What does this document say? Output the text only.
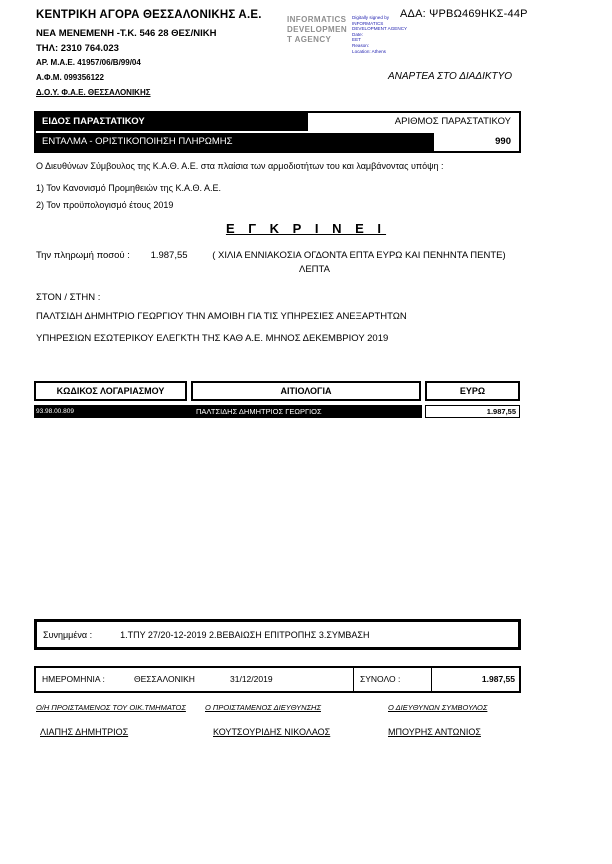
ΚΕΝΤΡΙΚΗ ΑΓΟΡΑ ΘΕΣΣΑΛΟΝΙΚΗΣ Α.Ε.
ΝΕΑ ΜΕΝΕΜΕΝΗ -Τ.Κ. 546 28 ΘΕΣ/ΝΙΚΗ
ΤΗΛ: 2310 764.023
ΑΡ. Μ.Α.Ε. 41957/06/Β/99/04
Α.Φ.Μ. 099356122
Δ.Ο.Υ. Φ.Α.Ε. ΘΕΣΣΑΛΟΝΙΚΗΣ
INFORMATICS
DEVELOPMEN
T AGENCY
Digitally signed by
INFORMATICS
DEVELOPMENT AGENCY
Date:
EET
Reason:
Location: Athens
ΑΔΑ: ΨΡΒΩ469ΗΚΣ-44Ρ
ΑΝΑΡΤΕΑ ΣΤΟ ΔΙΑΔΙΚΤΥΟ
ΕΙΔΟΣ ΠΑΡΑΣΤΑΤΙΚΟΥ	ΑΡΙΘΜΟΣ ΠΑΡΑΣΤΑΤΙΚΟΥ
ΕΝΤΑΛΜΑ - ΟΡΙΣΤΙΚΟΠΟΙΗΣΗ ΠΛΗΡΩΜΗΣ	990
Ο Διευθύνων Σύμβουλος της Κ.Α.Θ. Α.Ε. στα πλαίσια των αρμοδιοτήτων του και λαμβάνοντας υπόψη :
1) Τον Κανονισμό Προμηθειών της Κ.Α.Θ. Α.Ε.
2) Τον προϋπολογισμό έτους 2019
Ε Γ Κ Ρ Ι Ν Ε Ι
Την πληρωμή ποσού : 1.987,55	( ΧΙΛΙΑ ΕΝΝΙΑΚΟΣΙΑ ΟΓΔΟΝΤΑ ΕΠΤΑ ΕΥΡΩ ΚΑΙ ΠΕΝΗΝΤΑ ΠΕΝΤΕ)
ΛΕΠΤΑ
ΣΤΟΝ / ΣΤΗΝ :
ΠΑΛΤΣΙΔΗ ΔΗΜΗΤΡΙΟ ΓΕΩΡΓΙΟΥ ΤΗΝ ΑΜΟΙΒΗ ΓΙΑ ΤΙΣ ΥΠΗΡΕΣΙΕΣ ΑΝΕΞΑΡΤΗΤΩΝ
ΥΠΗΡΕΣΙΩΝ ΕΣΩΤΕΡΙΚΟΥ ΕΛΕΓΚΤΗ ΤΗΣ ΚΑΘ Α.Ε. ΜΗΝΟΣ ΔΕΚΕΜΒΡΙΟΥ 2019
ΚΩΔΙΚΟΣ ΛΟΓΑΡΙΑΣΜΟΥ	ΑΙΤΙΟΛΟΓΙΑ	ΕΥΡΩ
93.98.00.809	ΠΑΛΤΣΙΔΗΣ ΔΗΜΗΤΡΙΟΣ ΓΕΩΡΓΙΟΣ	1.987,55
Συνημμένα :	1.ΤΠΥ 27/20-12-2019 2.ΒΕΒΑΙΩΣΗ ΕΠΙΤΡΟΠΗΣ 3.ΣΥΜΒΑΣΗ
ΗΜΕΡΟΜΗΝΙΑ :	ΘΕΣΣΑΛΟΝΙΚΗ	31/12/2019	ΣΥΝΟΛΟ :	1.987,55
Ο/Η ΠΡΟΙΣΤΑΜΕΝΟΣ ΤΟΥ ΟΙΚ.ΤΜΗΜΑΤΟΣ	Ο ΠΡΟΙΣΤΑΜΕΝΟΣ ΔΙΕΥΘΥΝΣΗΣ	Ο ΔΙΕΥΘΥΝΩΝ ΣΥΜΒΟΥΛΟΣ
ΛΙΑΠΗΣ ΔΗΜΗΤΡΙΟΣ	ΚΟΥΤΣΟΥΡΙΔΗΣ ΝΙΚΟΛΑΟΣ	ΜΠΟΥΡΗΣ ΑΝΤΩΝΙΟΣ
